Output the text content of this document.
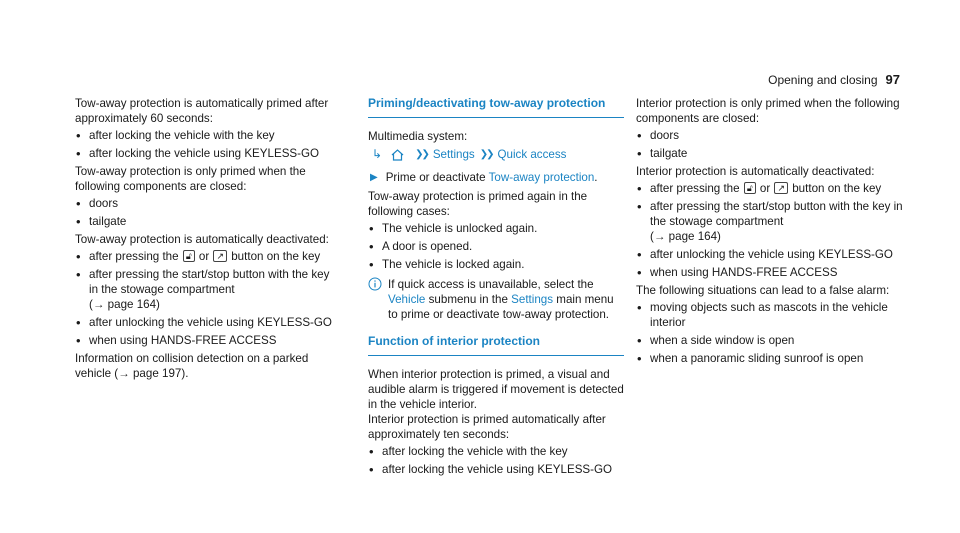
Opening and closing 97

Tow-away protection is automatically primed after approximately 60 seconds:

• after locking the vehicle with the key
• after locking the vehicle using KEYLESS-GO

Tow-away protection is only primed when the following components are closed:

• doors
• tailgate

Tow-away protection is automatically deactivated:

• after pressing the 🔓︎ or ↗ button on the key
• after pressing the start/stop button with the key in the stowage compartment
(→ page 164)
• after unlocking the vehicle using KEYLESS-GO
• when using HANDS-FREE ACCESS

Information on collision detection on a parked vehicle (→ page 197).

Priming/deactivating tow-away protection

Multimedia system:

↳	❯❯ Settings ❯❯ Quick access
▶ Prime or deactivate Tow-away protection.

Tow-away protection is primed again in the following cases:

• The vehicle is unlocked again.
• A door is opened.
• The vehicle is locked again.

If quick access is unavailable, select the Vehicle submenu in the Settings main menu to prime or deactivate tow-away protection.

Function of interior protection

When interior protection is primed, a visual and audible alarm is triggered if movement is detected in the vehicle interior.

Interior protection is primed automatically after approximately ten seconds:

• after locking the vehicle with the key
• after locking the vehicle using KEYLESS-GO

Interior protection is only primed when the following components are closed:

• doors
• tailgate

Interior protection is automatically deactivated:

• after pressing the 🔓︎ or ↗ button on the key
• after pressing the start/stop button with the key in the stowage compartment
(→ page 164)
• after unlocking the vehicle using KEYLESS-GO
• when using HANDS-FREE ACCESS

The following situations can lead to a false alarm:

• moving objects such as mascots in the vehicle interior
• when a side window is open
• when a panoramic sliding sunroof is open
